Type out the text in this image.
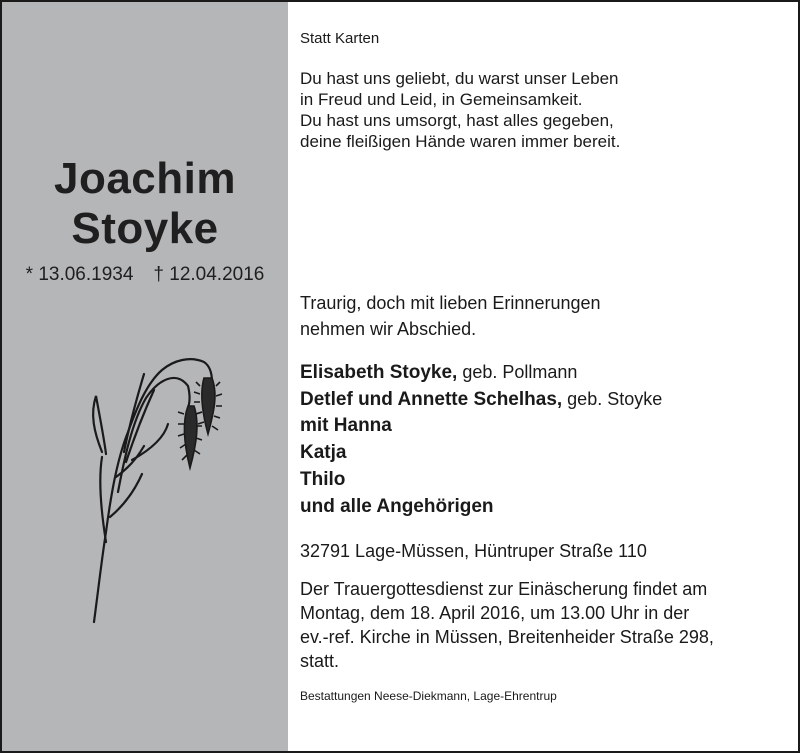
Joachim
Stoyke
* 13.06.1934 † 12.04.2016
Statt Karten
Du hast uns geliebt, du warst unser Leben
in Freud und Leid, in Gemeinsamkeit.
Du hast uns umsorgt, hast alles gegeben,
deine fleißigen Hände waren immer bereit.
Traurig, doch mit lieben Erinnerungen
nehmen wir Abschied.
Elisabeth Stoyke, geb. Pollmann
Detlef und Annette Schelhas, geb. Stoyke
mit Hanna
Katja
Thilo
und alle Angehörigen
32791 Lage-Müssen, Hüntruper Straße 110
Der Trauergottesdienst zur Einäscherung findet am
Montag, dem 18. April 2016, um 13.00 Uhr in der
ev.-ref. Kirche in Müssen, Breitenheider Straße 298,
statt.
Bestattungen Neese-Diekmann, Lage-Ehrentrup
